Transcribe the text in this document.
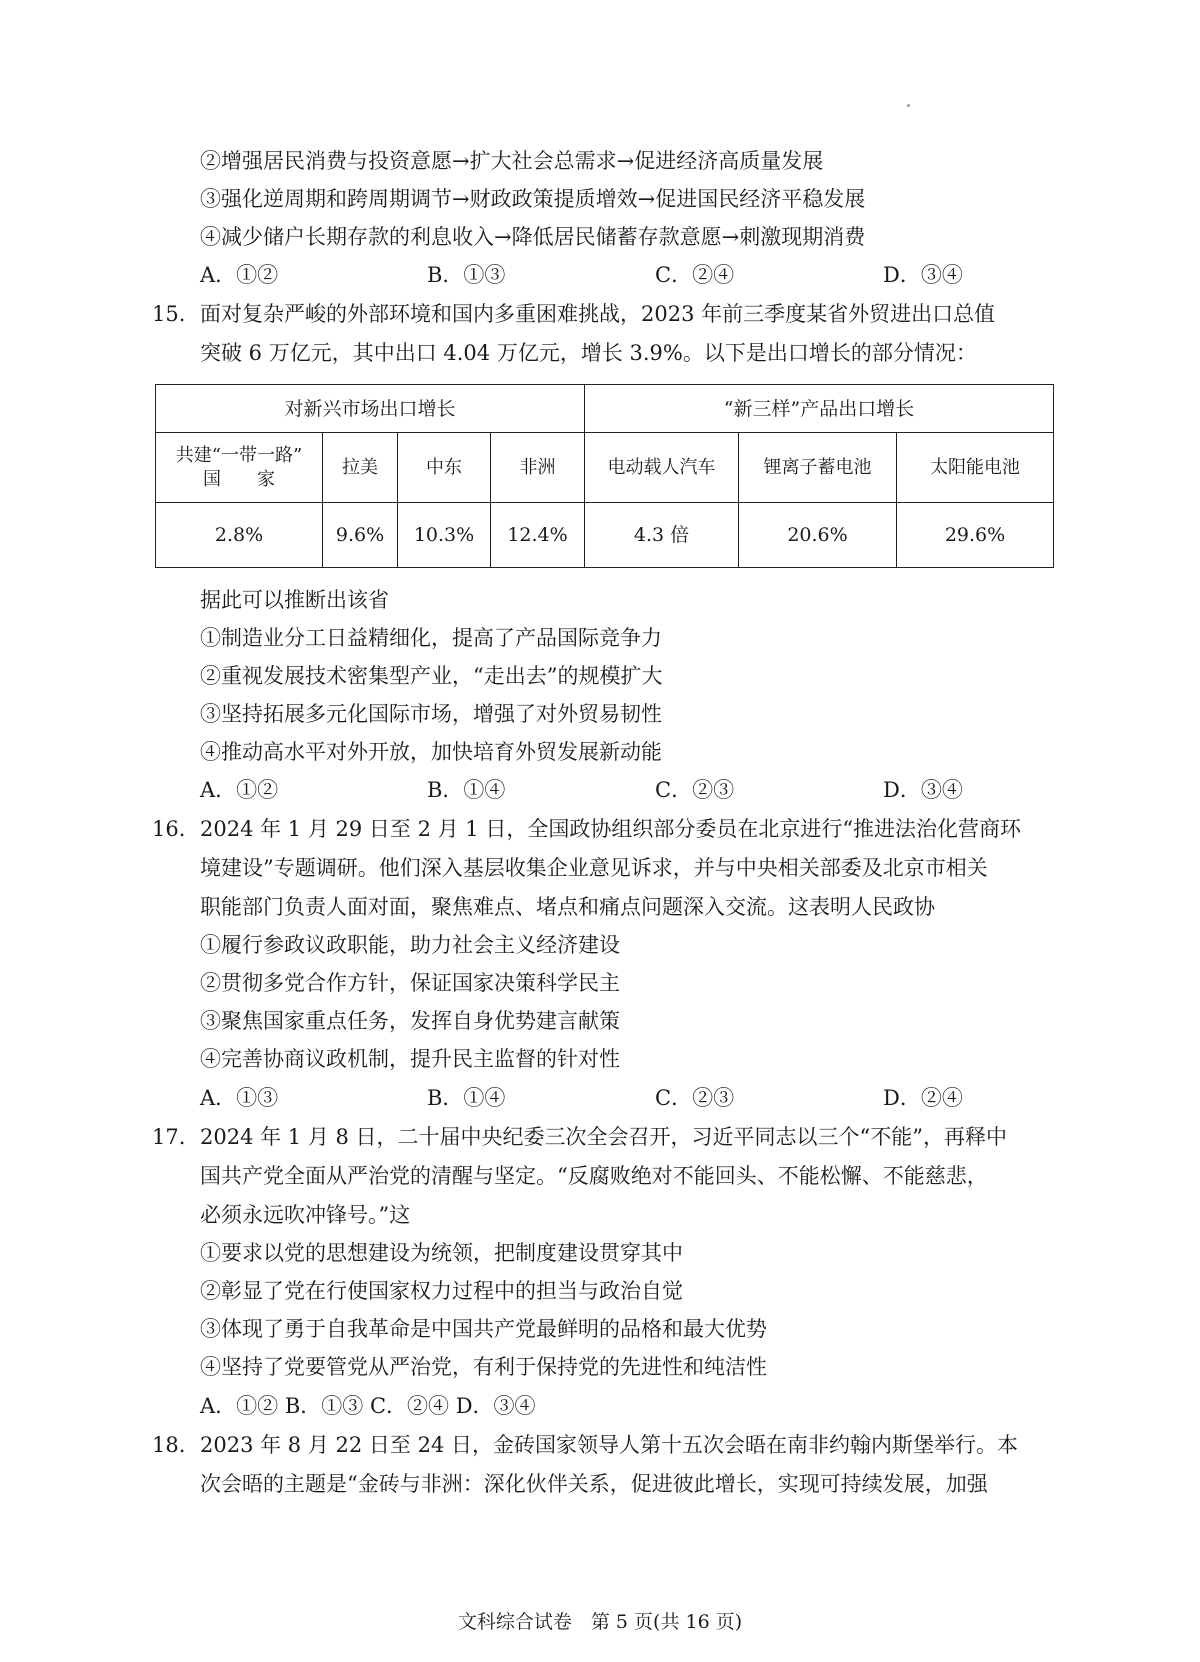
②增强居民消费与投资意愿→扩大社会总需求→促进经济高质量发展
③强化逆周期和跨周期调节→财政政策提质增效→促进国民经济平稳发展
④减少储户长期存款的利息收入→降低居民储蓄存款意愿→刺激现期消费
A．①②	B．①③	C．②④	D．③④
15. 面对复杂严峻的外部环境和国内多重困难挑战，2023 年前三季度某省外贸进出口总值
突破 6 万亿元，其中出口 4.04 万亿元，增长 3.9%。以下是出口增长的部分情况：
对新兴市场出口增长				“新三样”产品出口增长		

共建“一带一路”
国　　家	拉美	中东	非洲	电动载人汽车	锂离子蓄电池	太阳能电池
2.8%	9.6%	10.3%	12.4%	4.3 倍	20.6%	29.6%
据此可以推断出该省
①制造业分工日益精细化，提高了产品国际竞争力
②重视发展技术密集型产业，“走出去”的规模扩大
③坚持拓展多元化国际市场，增强了对外贸易韧性
④推动高水平对外开放，加快培育外贸发展新动能
A．①②	B．①④	C．②③	D．③④
16. 2024 年 1 月 29 日至 2 月 1 日，全国政协组织部分委员在北京进行“推进法治化营商环
境建设”专题调研。他们深入基层收集企业意见诉求，并与中央相关部委及北京市相关
职能部门负责人面对面，聚焦难点、堵点和痛点问题深入交流。这表明人民政协
①履行参政议政职能，助力社会主义经济建设
②贯彻多党合作方针，保证国家决策科学民主
③聚焦国家重点任务，发挥自身优势建言献策
④完善协商议政机制，提升民主监督的针对性
A．①③	B．①④	C．②③	D．②④
17. 2024 年 1 月 8 日，二十届中央纪委三次全会召开，习近平同志以三个“不能”，再释中
国共产党全面从严治党的清醒与坚定。“反腐败绝对不能回头、不能松懈、不能慈悲，
必须永远吹冲锋号。”这
①要求以党的思想建设为统领，把制度建设贯穿其中
②彰显了党在行使国家权力过程中的担当与政治自觉
③体现了勇于自我革命是中国共产党最鲜明的品格和最大优势
④坚持了党要管党从严治党，有利于保持党的先进性和纯洁性
A．①② B．①③ C．②④ D．③④
18. 2023 年 8 月 22 日至 24 日，金砖国家领导人第十五次会晤在南非约翰内斯堡举行。本
次会晤的主题是“金砖与非洲：深化伙伴关系，促进彼此增长，实现可持续发展，加强
文科综合试卷　第 5 页(共 16 页)
